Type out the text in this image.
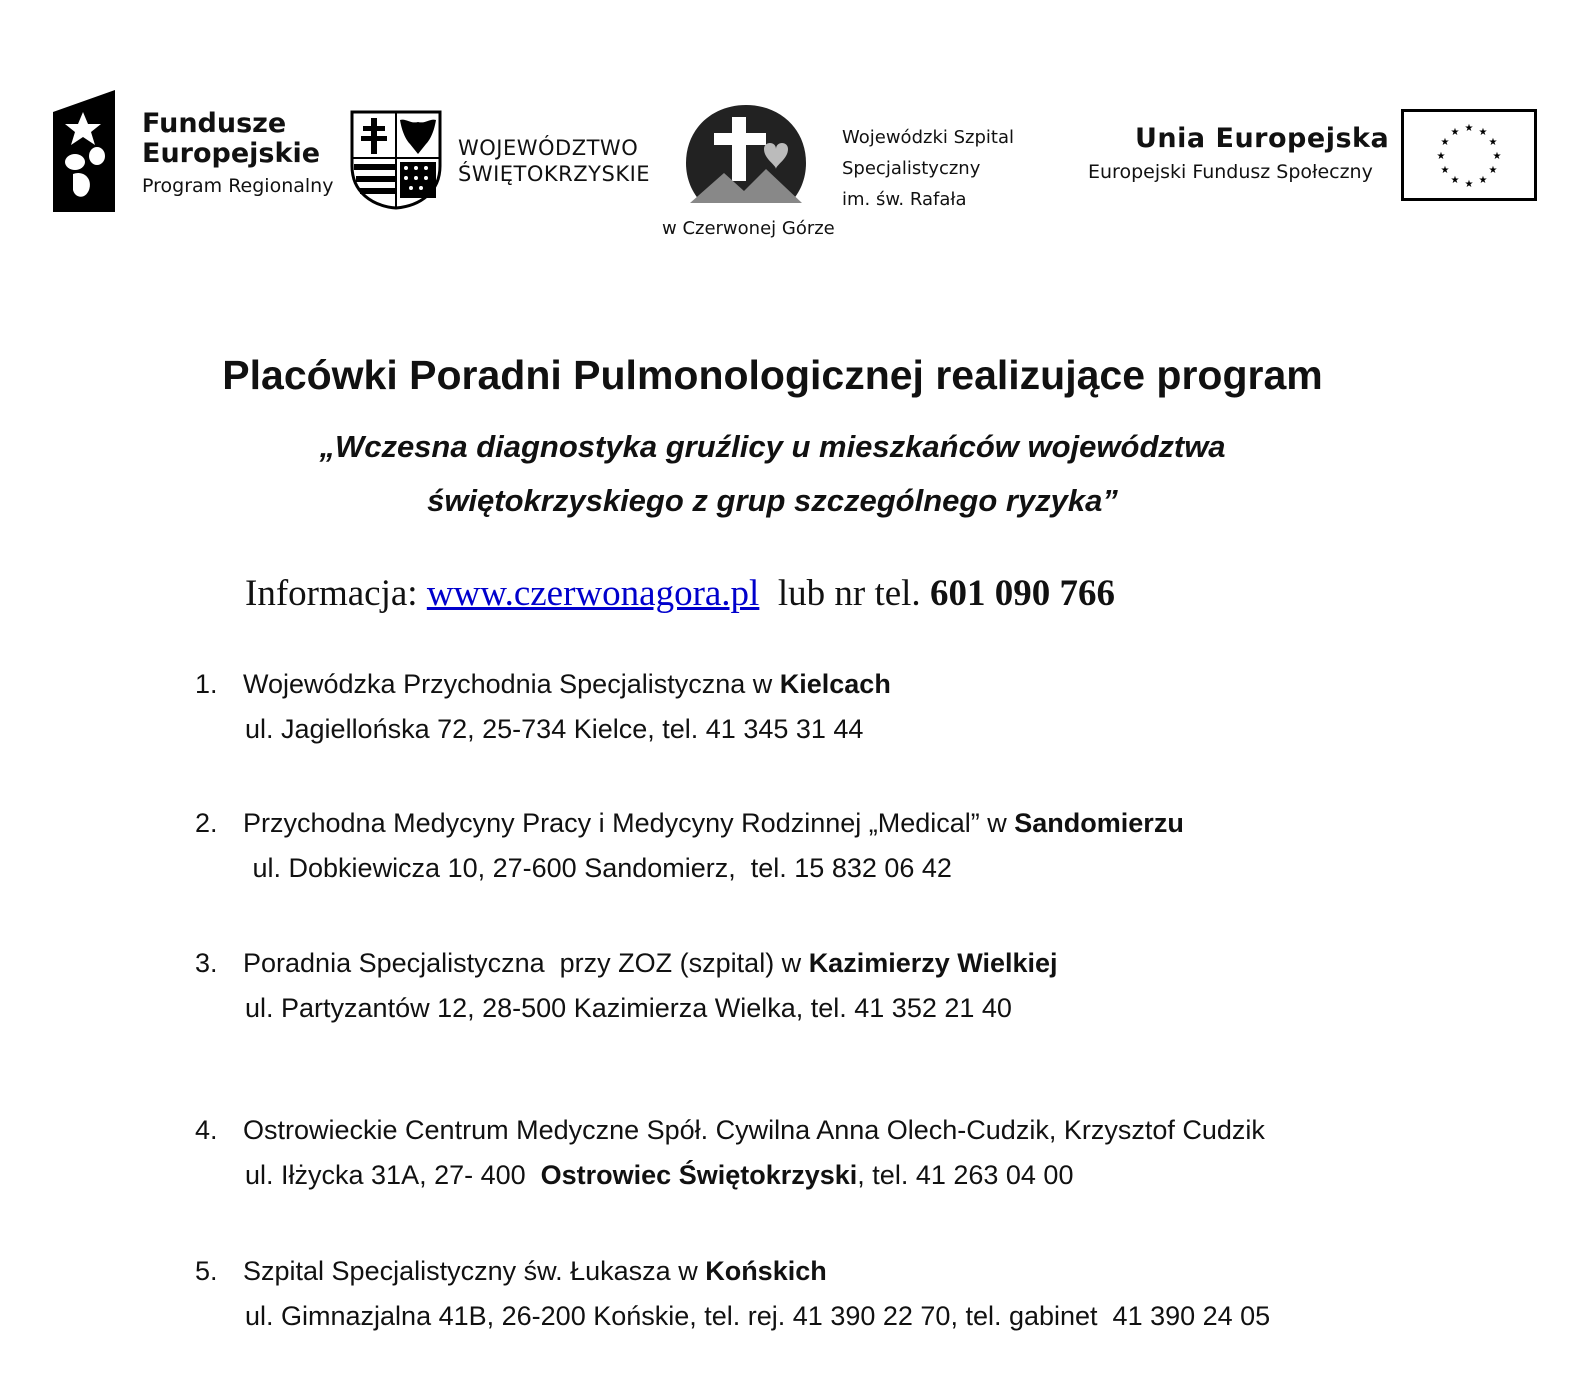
Fundusze
Europejskie
Program Regionalny
WOJEWÓDZTWO
ŚWIĘTOKRZYSKIE
Wojewódzki Szpital
Specjalistyczny
im. św. Rafała
w Czerwonej Górze
Unia Europejska
Europejski Fundusz Społeczny
★ ★
★
★
★
★
★
★
★
★
★
★
Placówki Poradni Pulmonologicznej realizujące program
„Wczesna diagnostyka gruźlicy u mieszkańców województwa
świętokrzyskiego z grup szczególnego ryzyka”
Informacja: www.czerwonagora.pl  lub nr tel. 601 090 766
1. Wojewódzka Przychodnia Specjalistyczna w Kielcach
ul. Jagiellońska 72, 25-734 Kielce, tel. 41 345 31 44
2. Przychodna Medycyny Pracy i Medycyny Rodzinnej „Medical” w Sandomierzu
ul. Dobkiewicza 10, 27-600 Sandomierz,  tel. 15 832 06 42
3. Poradnia Specjalistyczna  przy ZOZ (szpital) w Kazimierzy Wielkiej
ul. Partyzantów 12, 28-500 Kazimierza Wielka, tel. 41 352 21 40
4. Ostrowieckie Centrum Medyczne Spół. Cywilna Anna Olech-Cudzik, Krzysztof Cudzik
ul. Iłżycka 31A, 27- 400  Ostrowiec Świętokrzyski, tel. 41 263 04 00
5. Szpital Specjalistyczny św. Łukasza w Końskich
ul. Gimnazjalna 41B, 26-200 Końskie, tel. rej. 41 390 22 70, tel. gabinet  41 390 24 05
